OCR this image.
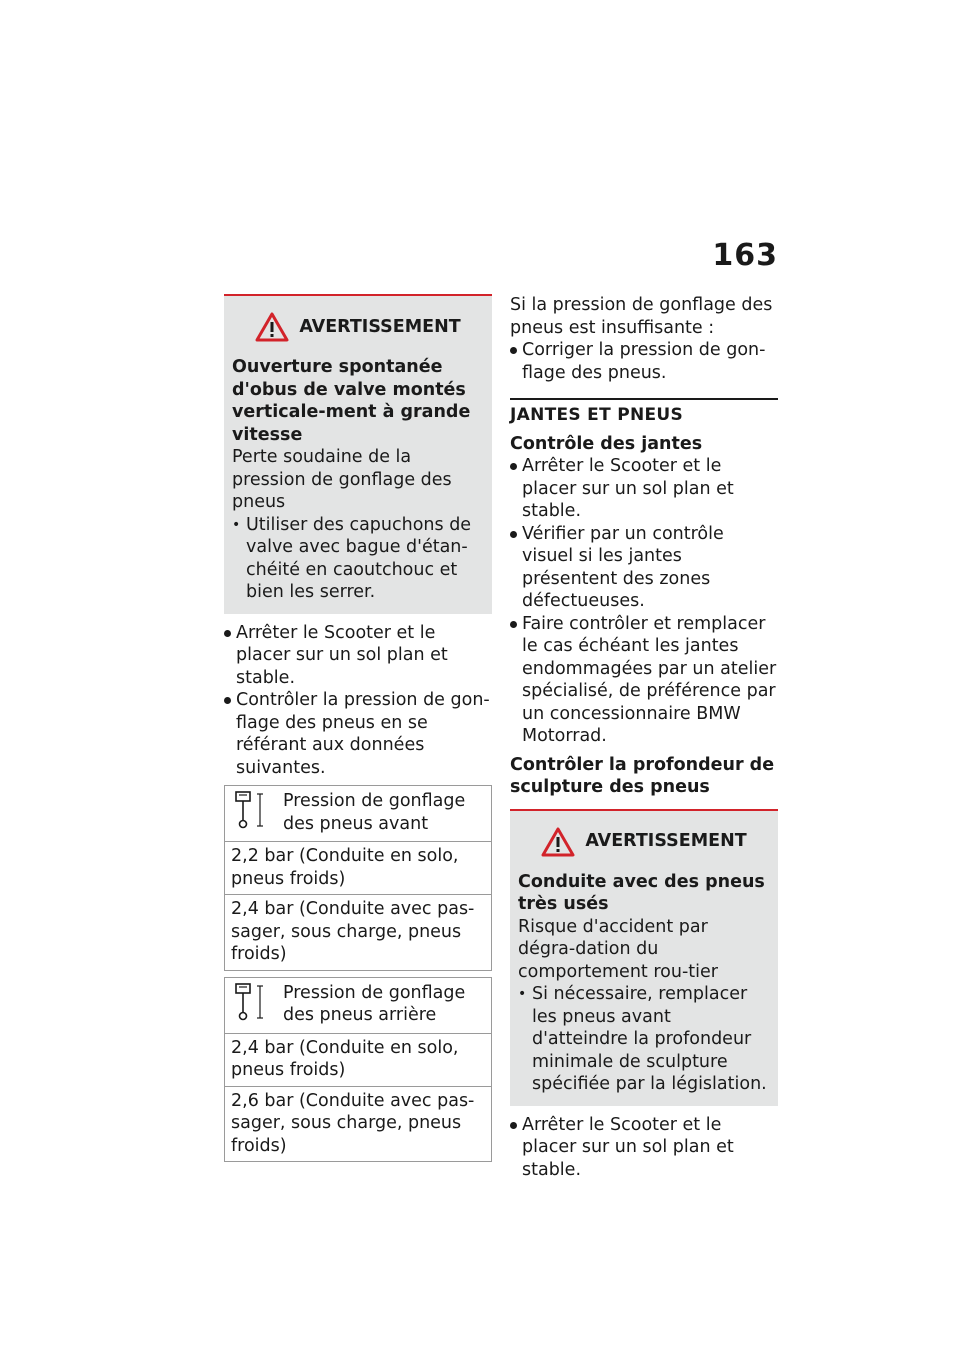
163
AVERTISSEMENT

Ouverture spontanée d'obus de valve montés verticale-ment à grande vitesse

Perte soudaine de la pression de gonflage des pneus

• Utiliser des capuchons de valve avec bague d'étan-chéité en caoutchouc et bien les serrer.
Arrêter le Scooter et le placer sur un sol plan et stable.
Contrôler la pression de gon-flage des pneus en se référant aux données suivantes.
Pression de gonflage des pneus avant
2,2 bar (Conduite en solo, pneus froids)
2,4 bar (Conduite avec pas-sager, sous charge, pneus froids)
Pression de gonflage des pneus arrière
2,4 bar (Conduite en solo, pneus froids)
2,6 bar (Conduite avec pas-sager, sous charge, pneus froids)

Si la pression de gonflage des pneus est insuffisante :

Corriger la pression de gon-flage des pneus.
JANTES ET PNEUS
Contrôle des jantes
Arrêter le Scooter et le placer sur un sol plan et stable.
Vérifier par un contrôle visuel si les jantes présentent des zones défectueuses.
Faire contrôler et remplacer le cas échéant les jantes endommagées par un atelier spécialisé, de préférence par un concessionnaire BMW Motorrad.
Contrôler la profondeur de sculpture des pneus
AVERTISSEMENT

Conduite avec des pneus très usés

Risque d'accident par dégra-dation du comportement rou-tier

• Si nécessaire, remplacer les pneus avant d'atteindre la profondeur minimale de sculpture spécifiée par la législation.
Arrêter le Scooter et le placer sur un sol plan et stable.
